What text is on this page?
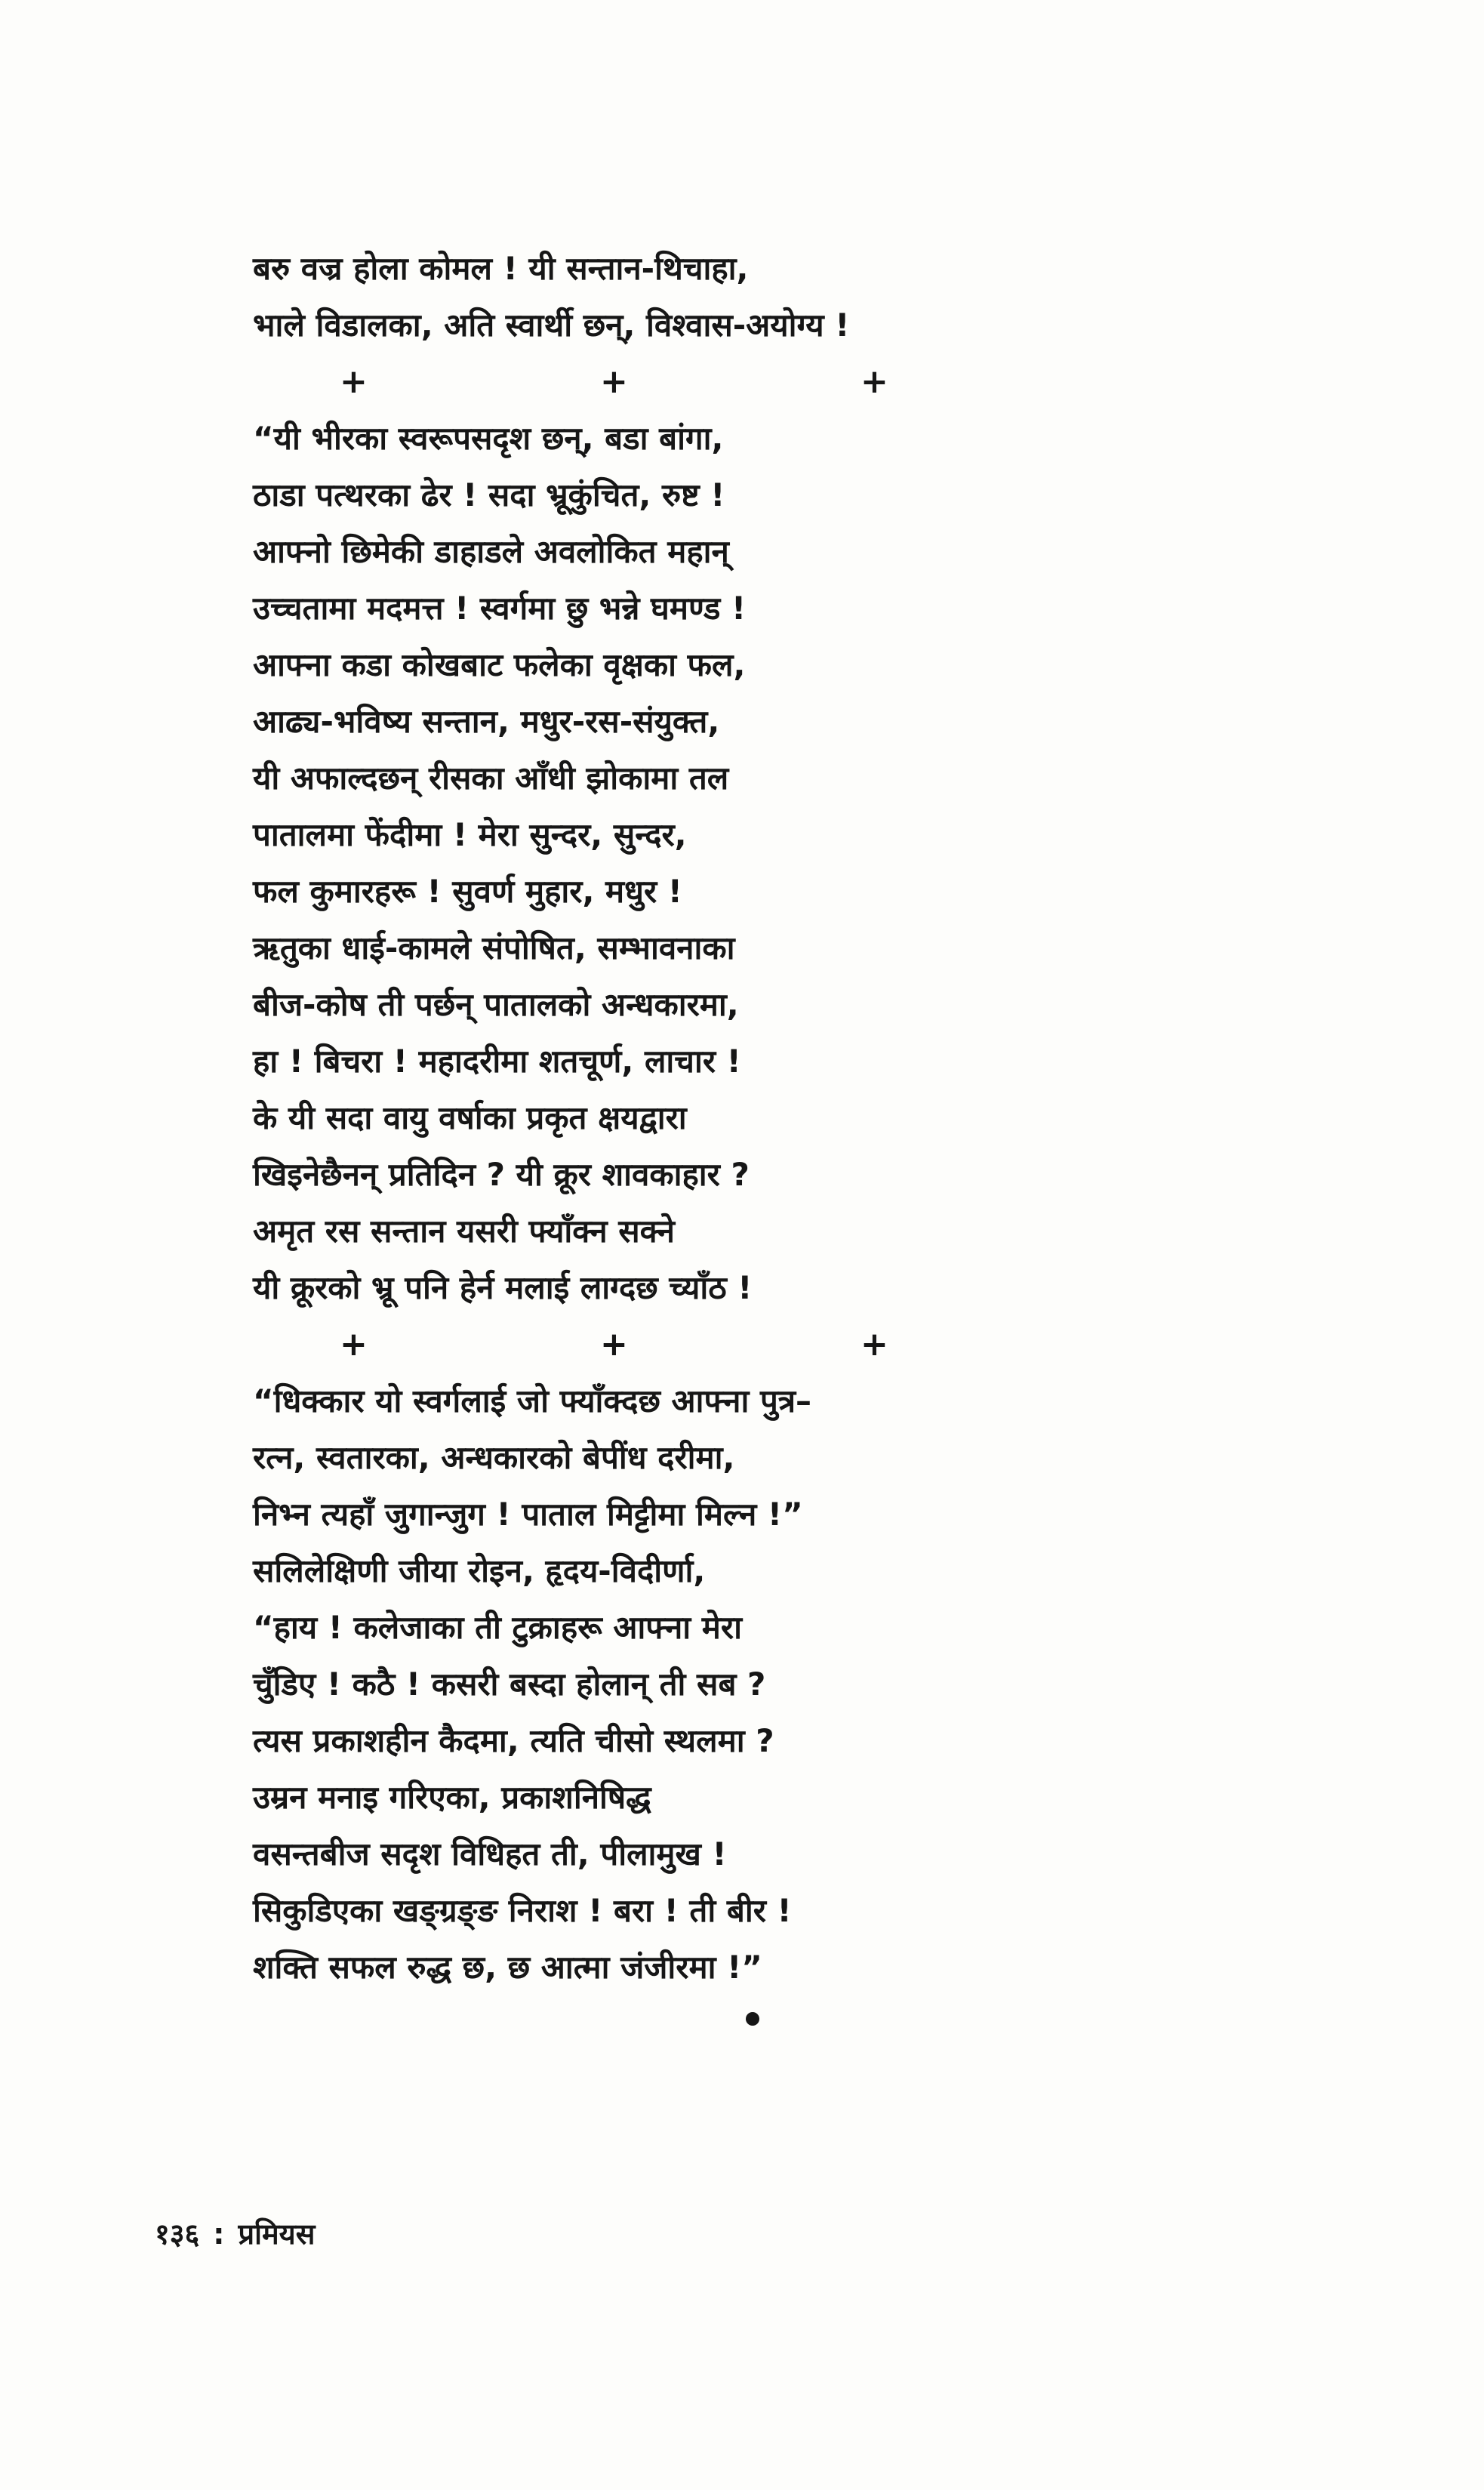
बरु वज्र होला कोमल ! यी सन्तान-थिचाहा,
भाले विडालका, अति स्वार्थी छन्, विश्वास-अयोग्य !
+	+	+
“यी भीरका स्वरूपसदृश छन्, बडा बांगा,
ठाडा पत्थरका ढेर ! सदा भ्रूकुंचित, रुष्ट !
आफ्नो छिमेकी डाहाडले अवलोकित महान्
उच्चतामा मदमत्त ! स्वर्गमा छु भन्ने घमण्ड !
आफ्ना कडा कोखबाट फलेका वृक्षका फल,
आढ्य-भविष्य सन्तान, मधुर-रस-संयुक्त,
यी अफाल्दछन् रीसका आँधी झोकामा तल
पातालमा फेंदीमा ! मेरा सुन्दर, सुन्दर,
फल कुमारहरू ! सुवर्ण मुहार, मधुर !
ऋतुका धाई-कामले संपोषित, सम्भावनाका
बीज-कोष ती पर्छन् पातालको अन्धकारमा,
हा ! बिचरा ! महादरीमा शतचूर्ण, लाचार !
के यी सदा वायु वर्षाका प्रकृत क्षयद्वारा
खिइनेछैनन् प्रतिदिन ? यी क्रूर शावकाहार ?
अमृत रस सन्तान यसरी फ्याँक्न सक्ने
यी क्रूरको भ्रू पनि हेर्न मलाई लाग्दछ च्याँठ !
+	+	+
“धिक्कार यो स्वर्गलाई जो फ्याँक्दछ आफ्ना पुत्र–
रत्न, स्वतारका, अन्धकारको बेपींध दरीमा,
निभ्न त्यहाँ जुगान्जुग ! पाताल मिट्टीमा मिल्न !”
सलिलेक्षिणी जीया रोइन, हृदय-विदीर्णा,
“हाय ! कलेजाका ती टुक्राहरू आफ्ना मेरा
चुँडिए ! कठै ! कसरी बस्दा होलान् ती सब ?
त्यस प्रकाशहीन कैदमा, त्यति चीसो स्थलमा ?
उम्रन मनाइ गरिएका, प्रकाशनिषिद्ध
वसन्तबीज सदृश विधिहत ती, पीलामुख !
सिकुडिएका खङ्ग्रङ्ङ निराश ! बरा ! ती बीर !
शक्ति सफल रुद्ध छ, छ आत्मा जंजीरमा !”
१३६ : प्रमियस
